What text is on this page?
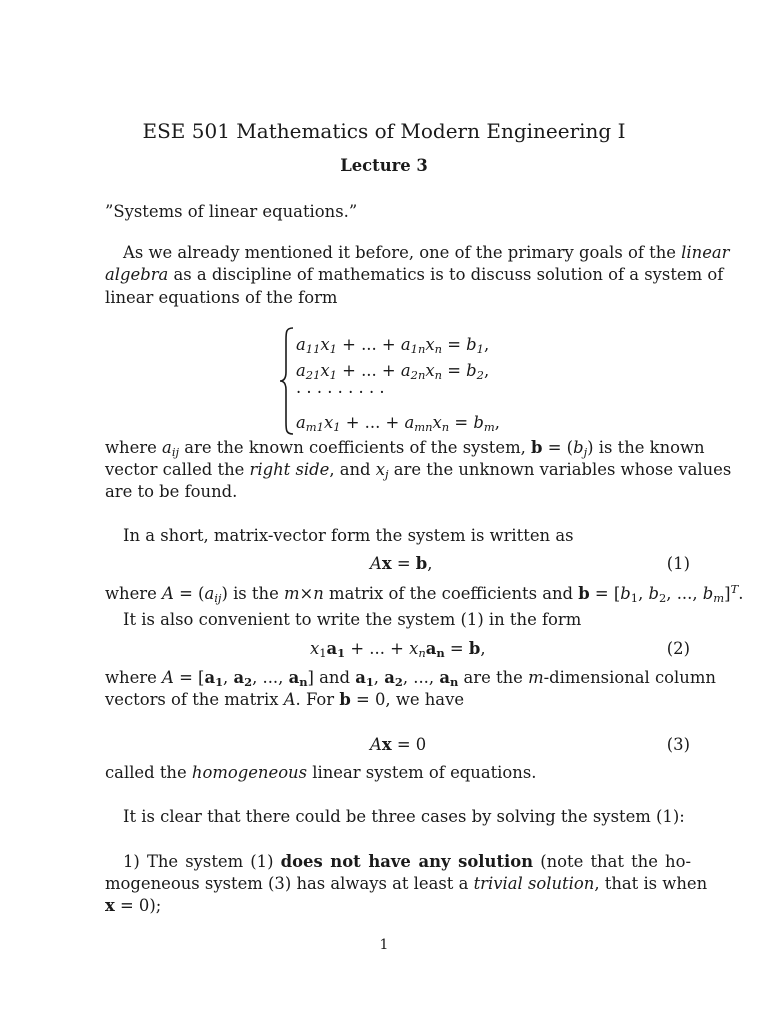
ESE 501 Mathematics of Modern Engineering I
Lecture 3
”Systems of linear equations.”
As we already mentioned it before, one of the primary goals of the linear
algebra as a discipline of mathematics is to discuss solution of a system of
linear equations of the form
$a_{11}x_1$ + ... + $a_{1n}x_n = b_1$,
$a_{21}x_1$ + ... + $a_{2n}x_n = b_2$,
· · · · · · · · ·
$a_{m1}x_1$ + ... + $a_{mn}x_n = b_m$,
where $a_{ij}$ are the known coefficients of the system, $b = (b_j)$ is the known
vector called the right side, and $x_j$ are the unknown variables whose values
are to be found.
In a short, matrix-vector form the system is written as
Ax = b,	(1)
where $A = (a_{ij})$ is the m×n matrix of the coefficients and $b = [b_1$, $b_2$, ..., $b_m]^T$.
It is also convenient to write the system (1) in the form
$x_1a_1$ + ... + $x_na_n = b$,	(2)
where $A = [a_1$, $a_2$, ..., $a_n$] and $a_1$, $a_2$, ..., $a_n$ are the m-dimensional column
vectors of the matrix A. For b = 0, we have
Ax = 0	(3)
called the homogeneous linear system of equations.
It is clear that there could be three cases by solving the system (1):
1) The system (1) does not have any solution (note that the ho-
mogeneous system (3) has always at least a trivial solution, that is when
x = 0);
1
